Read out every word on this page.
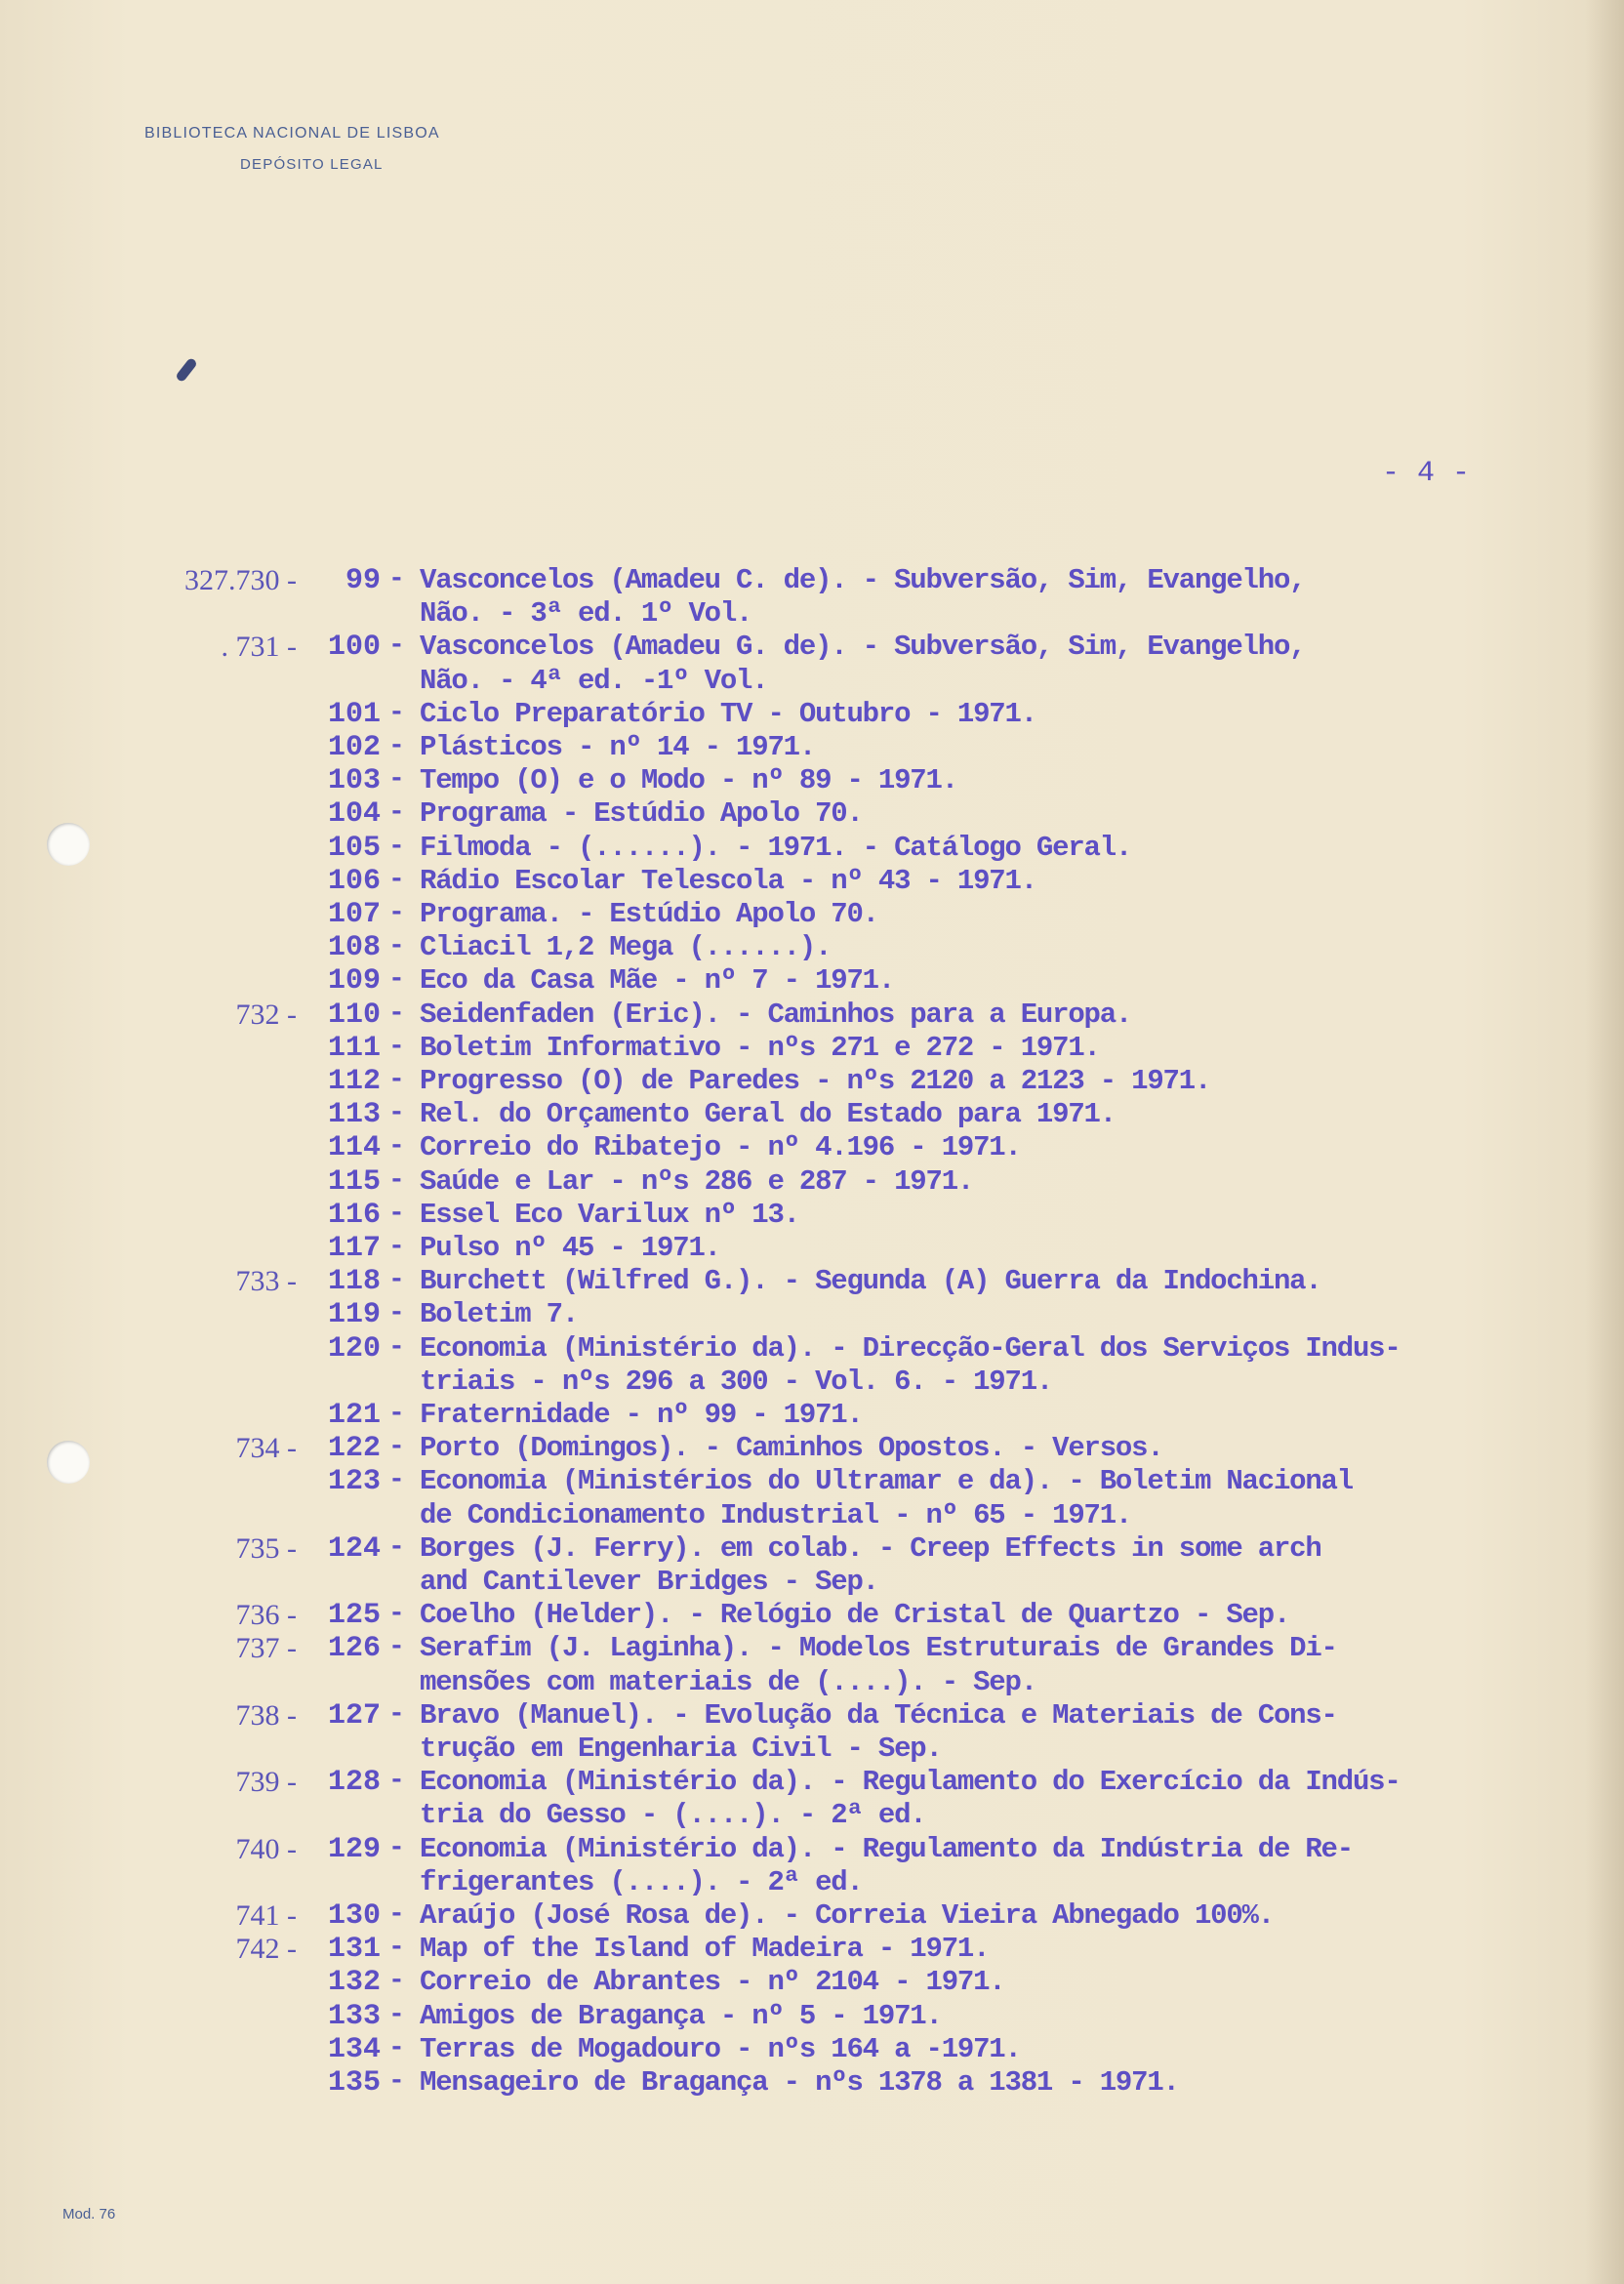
BIBLIOTECA NACIONAL DE LISBOA
DEPÓSITO LEGAL
- 4 -
327.730 -	99 - Vasconcelos (Amadeu C. de). - Subversão, Sim, Evangelho,
Não. - 3ª ed. 1º Vol.
. 731 -	100 - Vasconcelos (Amadeu G. de). - Subversão, Sim, Evangelho,
Não. - 4ª ed. -1º Vol.
101 - Ciclo Preparatório TV - Outubro - 1971.
102 - Plásticos - nº 14 - 1971.
103 - Tempo (O) e o Modo - nº 89 - 1971.
104 - Programa - Estúdio Apolo 70.
105 - Filmoda - (......). - 1971. - Catálogo Geral.
106 - Rádio Escolar Telescola - nº 43 - 1971.
107 - Programa. - Estúdio Apolo 70.
108 - Cliacil 1,2 Mega (......).
109 - Eco da Casa Mãe - nº 7 - 1971.
732 -	110 - Seidenfaden (Eric). - Caminhos para a Europa.
111 - Boletim Informativo - nºs 271 e 272 - 1971.
112 - Progresso (O) de Paredes - nºs 2120 a 2123 - 1971.
113 - Rel. do Orçamento Geral do Estado para 1971.
114 - Correio do Ribatejo - nº 4.196 - 1971.
115 - Saúde e Lar - nºs 286 e 287 - 1971.
116 - Essel Eco Varilux nº 13.
117 - Pulso nº 45 - 1971.
733 -	118 - Burchett (Wilfred G.). - Segunda (A) Guerra da Indochina.
119 - Boletim 7.
120 - Economia (Ministério da). - Direcção-Geral dos Serviços Indus-
triais - nºs 296 a 300 - Vol. 6. - 1971.
121 - Fraternidade - nº 99 - 1971.
734 -	122 - Porto (Domingos). - Caminhos Opostos. - Versos.
123 - Economia (Ministérios do Ultramar e da). - Boletim Nacional
de Condicionamento Industrial - nº 65 - 1971.
735 -	124 - Borges (J. Ferry). em colab. - Creep Effects in some arch
and Cantilever Bridges - Sep.
736 -	125 - Coelho (Helder). - Relógio de Cristal de Quartzo - Sep.
737 -	126 - Serafim (J. Laginha). - Modelos Estruturais de Grandes Di-
mensões com materiais de (....). - Sep.
738 -	127 - Bravo (Manuel). - Evolução da Técnica e Materiais de Cons-
trução em Engenharia Civil - Sep.
739 -	128 - Economia (Ministério da). - Regulamento do Exercício da Indús-
tria do Gesso - (....). - 2ª ed.
740 -	129 - Economia (Ministério da). - Regulamento da Indústria de Re-
frigerantes (....). - 2ª ed.
741 -	130 - Araújo (José Rosa de). - Correia Vieira Abnegado 100%.
742 -	131 - Map of the Island of Madeira - 1971.
132 - Correio de Abrantes - nº 2104 - 1971.
133 - Amigos de Bragança - nº 5 - 1971.
134 - Terras de Mogadouro - nºs 164 a -1971.
135 - Mensageiro de Bragança - nºs 1378 a 1381 - 1971.
Mod. 76
